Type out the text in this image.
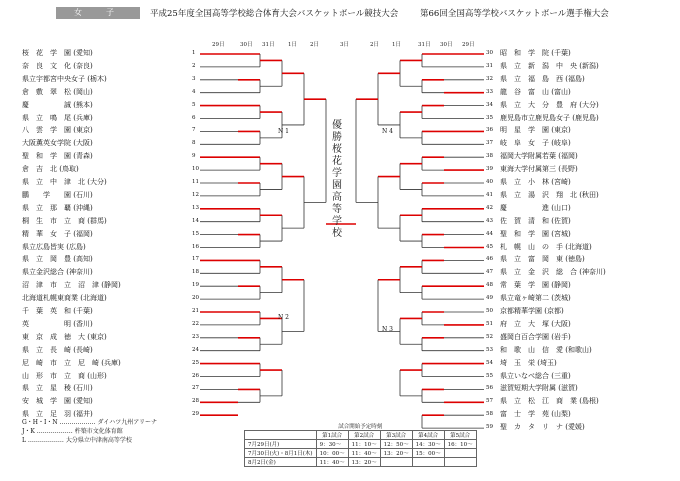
女　子	平成25年度全国高等学校総合体育大会バスケットボール競技大会	第66回全国高等学校バスケットボール選手権大会
29日	30日 31日 1日 2日	3日	2日 1日	31日 30日 29日
桜　花　学　園 (愛知)	1
奈　良　文　化 (奈良)	2
県立宇都宮中央女子 (栃木)	3
倉　敷　翠　松 (岡山)	4
慶　　　　　誠 (熊本)	5
県　立　鳴　尾 (兵庫)	6
八　雲　学　園 (東京)	7
大阪薫英女学院 (大阪)	8
聖　和　学　園 (青森)	9
倉　吉　北 (鳥取)	10
県　立　中　津　北 (大分)	11
鵬　　学　　園 (石川)	12
県　立　那　覇 (沖縄)	13
桐　生　市　立　商 (群馬)	14
精　華　女　子 (福岡)	15
県立広島皆実 (広島)	16
県　立　岡　豊 (高知)	17
県立金沢総合 (神奈川)	18
沼　津　市　立　沼　津 (静岡)	19
北海道札幌東商業 (北海道)	20
千　葉　英　和 (千葉)	21
英　　　　　明 (香川)	22
東　京　成　徳　大 (東京)	23
県　立　長　崎 (長崎)	24
尼　崎　市　立　尼　崎 (兵庫)	25
山　形　市　立　商 (山形)	26
県　立　星　稜 (石川)	27
安　城　学　園 (愛知)	28
県　立　足　羽 (福井)	29
昭　和　学　院 (千葉)
30
県　立　新　潟　中　央 (新潟)
31
県　立　福　島　西 (福島)
32
龍　谷　富　山 (富山)
33
県　立　大　分　豊　府 (大分)
34
鹿児島市立鹿児島女子 (鹿児島)
35
明　星　学　園 (東京)
36
岐　阜　女　子 (岐阜)
37
福岡大学附属若葉 (福岡)
38
東海大学付属第三 (長野)
39
県　立　小　林 (宮崎)
40
県　立　湯　沢　翔　北 (秋田)
41
慶　　　　　進 (山口)
42
佐　賀　清　和 (佐賀)
43
聖　和　学　園 (宮城)
44
札　幌　山　の　手 (北海道)
45
県　立　富　岡　東 (徳島)
46
県　立　金　沢　総　合 (神奈川)
47
常　葉　学　園 (静岡)
48
県立竜ヶ崎第二 (茨城)
49
京都精華学園 (京都)
50
府　立　大　塚 (大阪)
51
盛岡白百合学園 (岩手)
52
和　歌　山　信　愛 (和歌山)
53
埼　玉　栄 (埼玉)
54
県立いなべ総合 (三重)
55
滋賀短期大学附属 (滋賀)
56
県　立　松　江　商　業 (島根)
57
富　士　学　苑 (山梨)
58
聖　カ　タ　リ　ナ (愛媛)
59
優勝　桜花学園高等学校
N 1
N 2
N 4
N 3
G・H・I・N ……………… ダイハツ九州アリーナ
J・K ……………… 杵築市文化体育館
L ……………… 大分県立中津南高等学校
試合開始予定時刻
	第1試合	第2試合	第3試合	第4試合	第5試合
7月29日(月)	9：30〜	11：10〜	12：50〜	14：30〜	16：10〜
7月30日(火)・8月1日(木)	10：00〜	11：40〜	13：20〜	15：00〜	
8月2日(金)	11：40〜	13：20〜			
